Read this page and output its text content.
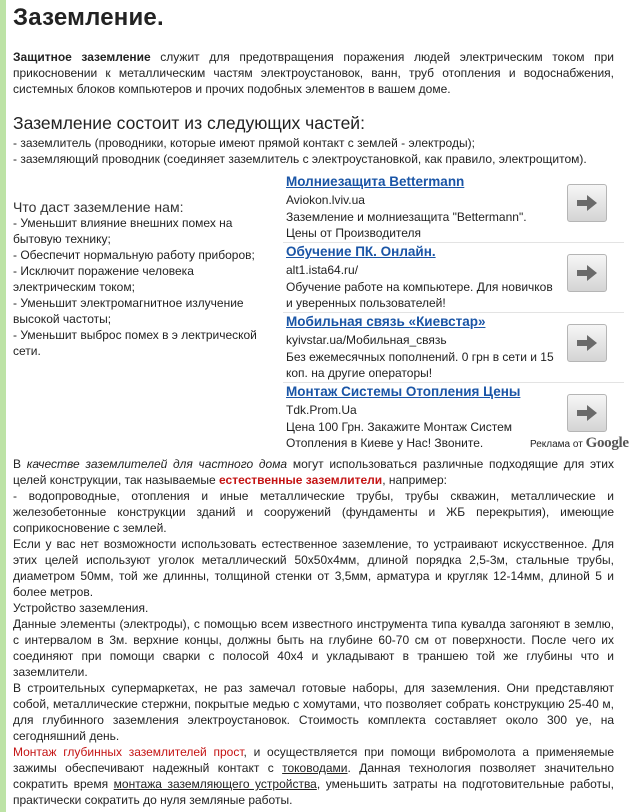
Заземление.

Защитное заземление служит для предотвращения поражения людей электрическим током при прикосновении к металлическим частям электроустановок, ванн, труб отопления и водоснабжения, системных блоков компьютеров и прочих подобных элементов в вашем доме.

Заземление состоит из следующих частей:
- заземлитель (проводники, которые имеют прямой контакт с землей - электроды);
- заземляющий проводник (соединяет заземлитель с электроустановкой, как правило, электрощитом).
Что даст заземление нам:
- Уменьшит влияние внешних помех на бытовую технику;
- Обеспечит нормальную работу приборов;
- Исключит поражение человека электрическим током;
- Уменьшит электромагнитное излучение высокой частоты;
- Уменьшит выброс помех в э лектрической сети.
Молниезащита Bettermann
Aviokon.lviv.ua
Заземление и молниезащита "Bettermann". Цены от Производителя
Обучение ПК. Онлайн.
alt1.ista64.ru/
Обучение работе на компьютере. Для новичков и уверенных пользователей!
Мобильная связь «Киевстар»
kyivstar.ua/Мобильная_связь
Без ежемесячных пополнений. 0 грн в сети и 15 коп. на другие операторы!
Монтаж Системы Отопления Цены
Tdk.Prom.Ua
Цена 100 Грн. Закажите Монтаж Систем Отопления в Киеве у Нас! Звоните.	Реклама от Google

В качестве заземлителей для частного дома могут использоваться различные подходящие для этих целей конструкции, так называемые естественные заземлители, например:

- водопроводные, отопления и иные металлические трубы, трубы скважин, металлические и железобетонные конструкции зданий и сооружений (фундаменты и ЖБ перекрытия), имеющие соприкосновение с землей.

Если у вас нет возможности использовать естественное заземление, то устраивают искусственное. Для этих целей используют уголок металлический 50х50х4мм, длиной порядка 2,5-3м, стальные трубы, диаметром 50мм, той же длинны, толщиной стенки от 3,5мм, арматура и кругляк 12-14мм, длиной 5 и более метров.

Устройство заземления.

Данные элементы (электроды), с помощью всем известного инструмента типа кувалда загоняют в землю, с интервалом в 3м. верхние концы, должны быть на глубине 60-70 см от поверхности. После чего их соединяют при помощи сварки с полосой 40х4 и укладывают в траншею той же глубины что и заземлители.

В строительных супермаркетах, не раз замечал готовые наборы, для заземления. Они представляют собой, металлические стержни, покрытые медью с хомутами, что позволяет собрать конструкцию 25-40 м, для глубинного заземления электроустановок. Стоимость комплекта составляет около 300 уе, на сегодняшний день.

Монтаж глубинных заземлителей прост, и осуществляется при помощи вибромолота а применяемые зажимы обеспечивают надежный контакт с тоководами. Данная технология позволяет значительно сократить время монтажа заземляющего устройства, уменьшить затраты на подготовительные работы, практически сократить до нуля земляные работы.
